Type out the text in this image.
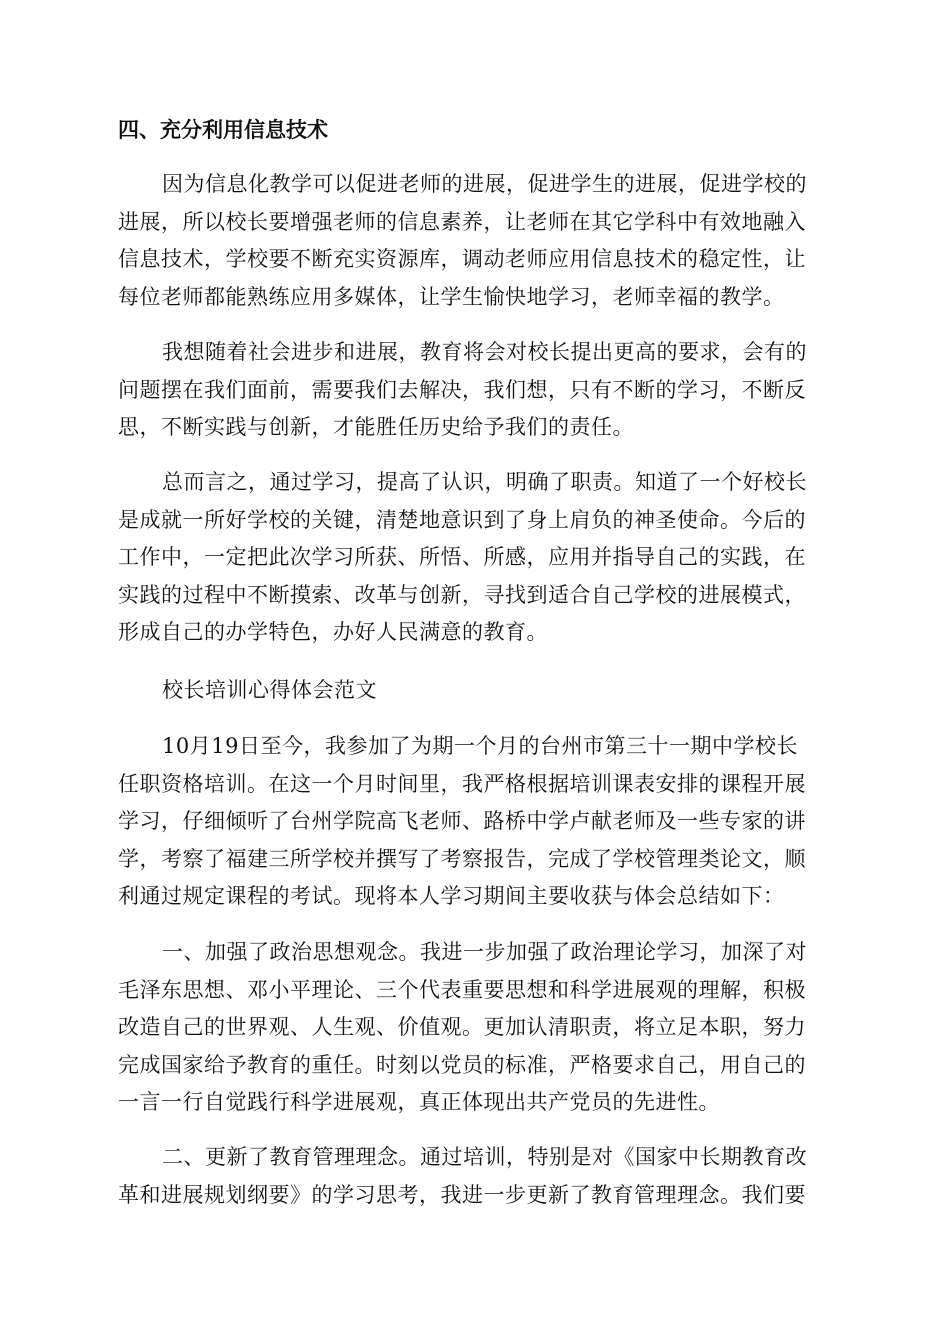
四、充分利用信息技术

因为信息化教学可以促进老师的进展，促进学生的进展，促进学校的
进展，所以校长要增强老师的信息素养，让老师在其它学科中有效地融入
信息技术，学校要不断充实资源库，调动老师应用信息技术的稳定性，让
每位老师都能熟练应用多媒体，让学生愉快地学习，老师幸福的教学。

我想随着社会进步和进展，教育将会对校长提出更高的要求，会有的
问题摆在我们面前，需要我们去解决，我们想，只有不断的学习，不断反
思，不断实践与创新，才能胜任历史给予我们的责任。

总而言之，通过学习，提高了认识，明确了职责。知道了一个好校长
是成就一所好学校的关键，清楚地意识到了身上肩负的神圣使命。今后的
工作中，一定把此次学习所获、所悟、所感，应用并指导自己的实践，在
实践的过程中不断摸索、改革与创新，寻找到适合自己学校的进展模式，
形成自己的办学特色，办好人民满意的教育。

校长培训心得体会范文

10月19日至今，我参加了为期一个月的台州市第三十一期中学校长
任职资格培训。在这一个月时间里，我严格根据培训课表安排的课程开展
学习，仔细倾听了台州学院高飞老师、路桥中学卢献老师及一些专家的讲
学，考察了福建三所学校并撰写了考察报告，完成了学校管理类论文，顺
利通过规定课程的考试。现将本人学习期间主要收获与体会总结如下：

一、加强了政治思想观念。我进一步加强了政治理论学习，加深了对
毛泽东思想、邓小平理论、三个代表重要思想和科学进展观的理解，积极
改造自己的世界观、人生观、价值观。更加认清职责，将立足本职，努力
完成国家给予教育的重任。时刻以党员的标准，严格要求自己，用自己的
一言一行自觉践行科学进展观，真正体现出共产党员的先进性。

二、更新了教育管理理念。通过培训，特别是对《国家中长期教育改
革和进展规划纲要》的学习思考，我进一步更新了教育管理理念。我们要
